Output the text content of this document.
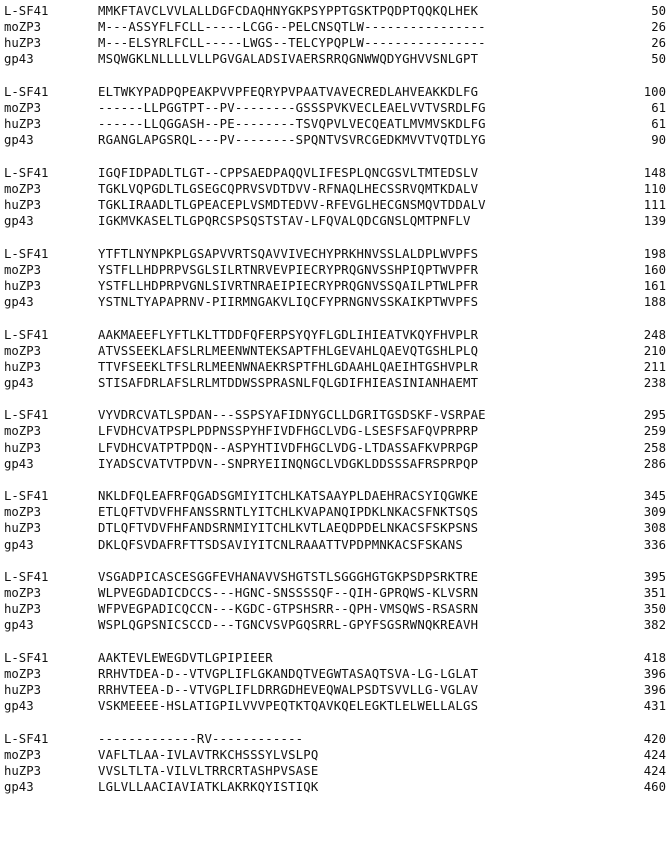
L-SF41	MMKFTAVCLVVLALLDGFCDAQHNYGKPSYPPTGSKTPQDPTQQKQLHEK	50
moZP3	M---ASSYFLFCLL-----LCGG--PELCNSQTLW----------------	26
huZP3	M---ELSYRLFCLL-----LWGS--TELCYPQPLW----------------	26
gp43	MSQWGKLNLLLLVLLPGVGALADSIVAERSRRQGNWWQDYGHVVSNLGPT	50
L-SF41	ELTWKYPADPQPEAKPVVPFEQRYPVPAATVAVECREDLAHVEAKKDLFG	100
moZP3	------LLPGGTPT--PV--------GSSSPVKVECLEAELVVTVSRDLFG	61
huZP3	------LLQGGASH--PE--------TSVQPVLVECQEATLMVMVSKDLFG	61
gp43	RGANGLAPGSRQL---PV--------SPQNTVSVRCGEDKMVVTVQTDLYG	90
L-SF41	IGQFIDPADLTLGT--CPPSAEDPAQQVLIFESPLQNCGSVLTMTEDSLV	148
moZP3	TGKLVQPGDLTLGSEGCQPRVSVDTDVV-RFNAQLHECSSRVQMTKDALV	110
huZP3	TGKLIRAADLTLGPEACEPLVSMDTEDVV-RFEVGLHECGNSMQVTDDALV	111
gp43	IGKMVKASELTLGPQRCSPSQSTSTAV-LFQVALQDCGNSLQMTPNFLV	139
L-SF41	YTFTLNYNPKPLGSAPVVRTSQAVVIVECHYPRKHNVSSLALDPLWVPFS	198
moZP3	YSTFLLHDPRPVSGLSILRTNRVEVPIECRYPRQGNVSSHPIQPTWVPFR	160
huZP3	YSTFLLHDPRPVGNLSIVRTNRAEIPIECRYPRQGNVSSQAILPTWLPFR	161
gp43	YSTNLTYAPAPRNV-PIIRMNGAKVLIQCFYPRNGNVSSKAIKPTWVPFS	188
L-SF41	AAKMAEEFLYFTLKLTTDDFQFERPSYQYFLGDLIHIEATVKQYFHVPLR	248
moZP3	ATVSSEEKLAFSLRLMEENWNTEKSAPTFHLGEVAHLQAEVQTGSHLPLQ	210
huZP3	TTVFSEEKLTFSLRLMEENWNAEKRSPTFHLGDAAHLQAEIHTGSHVPLR	211
gp43	STISAFDRLAFSLRLMTDDWSSPRASNLFQLGDIFHIEASINIANHAEMT	238
L-SF41	VYVDRCVATLSPDAN---SSPSYAFIDNYGCLLDGRITGSDSKF-VSRPAE	295
moZP3	LFVDHCVATPSPLPDPNSSPYHFIVDFHGCLVDG-LSESFSAFQVPRPRP	259
huZP3	LFVDHCVATPTPDQN--ASPYHTIVDFHGCLVDG-LTDASSAFKVPRPGP	258
gp43	IYADSCVATVTPDVN--SNPRYEIINQNGCLVDGKLDDSSSAFRSPRPQP	286
L-SF41	NKLDFQLEAFRFQGADSGMIYITCHLKATSAAYPLDAEHRACSYIQGWKE	345
moZP3	ETLQFTVDVFHFANSSRNTLYITCHLKVAPANQIPDKLNKACSFNKTSQS	309
huZP3	DTLQFTVDVFHFANDSRNMIYITCHLKVTLAEQDPDELNKACSFSKPSNS	308
gp43	DKLQFSVDAFRFTTSDSAVIYITCNLRAAATTVPDPMNKACSFSKANS	336
L-SF41	VSGADPICASCESGGFEVHANAVVSHGTSTLSGGGHGTGKPSDPSRKTRE	395
moZP3	WLPVEGDADICDCCS---HGNC-SNSSSSQF--QIH-GPRQWS-KLVSRN	351
huZP3	WFPVEGPADICQCCN---KGDC-GTPSHSRR--QPH-VMSQWS-RSASRN	350
gp43	WSPLQGPSNICSCCD---TGNCVSVPGQSRRL-GPYFSGSRWNQKREAVH	382
L-SF41	AAKTEVLEWEGDVTLGPIPIEER	418
moZP3	RRHVTDEA-D--VTVGPLIFLGKANDQTVEGWTASAQTSVA-LG-LGLAT	396
huZP3	RRHVTEEA-D--VTVGPLIFLDRRGDHEVEQWALPSDTSVVLLG-VGLAV	396
gp43	VSKMEEEE-HSLATIGPILVVVPEQTKTQAVKQELEGKTLELWELLALGS	431
L-SF41	-------------RV------------	420
moZP3	VAFLTLAA-IVLAVTRKCHSSSYLVSLPQ	424
huZP3	VVSLTLTA-VILVLTRRCRTASHPVSASE	424
gp43	LGLVLLAACIAVIATKLAKRKQYISTIQK	460
